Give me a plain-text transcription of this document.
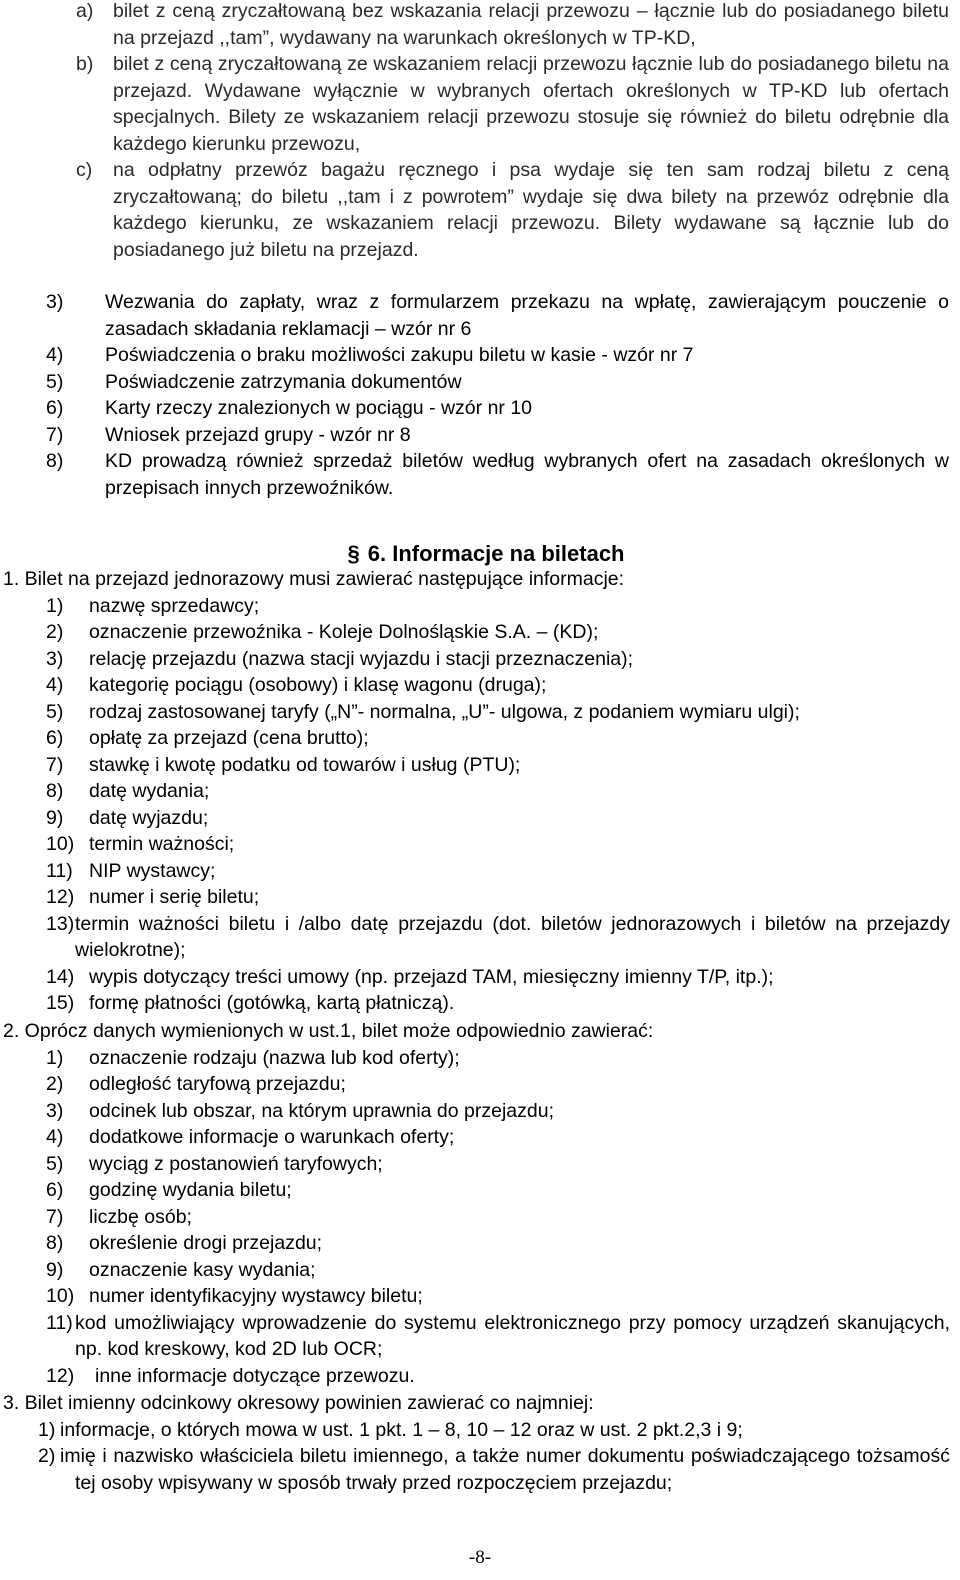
a)	bilet z ceną zryczałtowaną bez wskazania relacji przewozu – łącznie lub do posiadanego biletu na przejazd ,,tam”, wydawany na warunkach określonych w TP-KD,
b)	bilet z ceną zryczałtowaną ze wskazaniem relacji przewozu łącznie lub do posiadanego biletu na przejazd. Wydawane wyłącznie w wybranych ofertach określonych w TP-KD lub ofertach specjalnych. Bilety ze wskazaniem relacji przewozu stosuje się również do biletu odrębnie dla każdego kierunku przewozu,
c)	na odpłatny przewóz bagażu ręcznego i psa wydaje się ten sam rodzaj biletu z ceną zryczałtowaną; do biletu ,,tam i z powrotem” wydaje się dwa bilety na przewóz odrębnie dla każdego kierunku, ze wskazaniem relacji przewozu. Bilety wydawane są łącznie lub do posiadanego już biletu na przejazd.
3)	Wezwania do zapłaty, wraz z formularzem przekazu na wpłatę, zawierającym pouczenie o zasadach składania reklamacji – wzór nr 6
4)	Poświadczenia o braku możliwości zakupu biletu w kasie - wzór nr 7
5)	Poświadczenie zatrzymania dokumentów
6)	Karty rzeczy znalezionych w pociągu - wzór nr 10
7)	Wniosek przejazd grupy - wzór nr 8
8)	KD prowadzą również sprzedaż biletów według wybranych ofert na zasadach określonych w przepisach innych przewoźników.
§ 6. Informacje na biletach
1. Bilet na przejazd jednorazowy musi zawierać następujące informacje:
1)	nazwę sprzedawcy;
2)	oznaczenie przewoźnika - Koleje Dolnośląskie S.A. – (KD);
3)	relację przejazdu (nazwa stacji wyjazdu i stacji przeznaczenia);
4)	kategorię pociągu (osobowy) i klasę wagonu (druga);
5)	rodzaj zastosowanej taryfy („N”- normalna, „U”- ulgowa, z podaniem wymiaru ulgi);
6)	opłatę za przejazd (cena brutto);
7)	stawkę i kwotę podatku od towarów i usług (PTU);
8)	datę wydania;
9)	datę wyjazdu;
10) termin ważności;
11) NIP wystawcy;
12) numer i serię biletu;
13) termin ważności biletu i /albo datę przejazdu (dot. biletów jednorazowych i biletów na przejazdy wielokrotne);
14) wypis dotyczący treści umowy (np. przejazd TAM, miesięczny imienny T/P, itp.);
15) formę płatności (gotówką, kartą płatniczą).
2. Oprócz danych wymienionych w ust.1, bilet może odpowiednio zawierać:
1)	oznaczenie rodzaju (nazwa lub kod oferty);
2)	odległość taryfową przejazdu;
3)	odcinek lub obszar, na którym uprawnia do przejazdu;
4)	dodatkowe informacje o warunkach oferty;
5)	wyciąg z postanowień taryfowych;
6)	godzinę wydania biletu;
7)	liczbę osób;
8)	określenie drogi przejazdu;
9)	oznaczenie kasy wydania;
10) numer identyfikacyjny wystawcy biletu;
11) kod umożliwiający wprowadzenie do systemu elektronicznego przy pomocy urządzeń skanujących, np. kod kreskowy, kod 2D lub OCR;
12)	inne informacje dotyczące przewozu.
3. Bilet imienny odcinkowy okresowy powinien zawierać co najmniej:
1) informacje, o których mowa w ust. 1 pkt. 1 – 8, 10 – 12 oraz w ust. 2 pkt.2,3 i 9;
2) imię i nazwisko właściciela biletu imiennego, a także numer dokumentu poświadczającego tożsamość tej osoby wpisywany w sposób trwały przed rozpoczęciem przejazdu;
-8-
